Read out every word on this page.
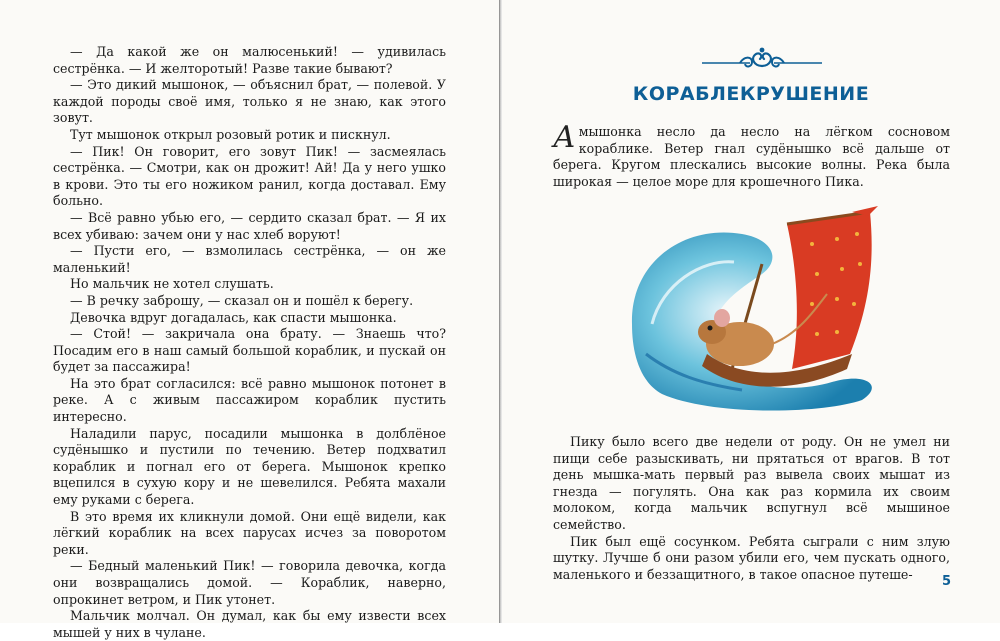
— Да какой же он малюсенький! — удивилась сестрёнка. — И желторотый! Разве такие бывают?

— Это дикий мышонок, — объяснил брат, — полевой. У каждой породы своё имя, только я не знаю, как этого зовут.

Тут мышонок открыл розовый ротик и пискнул.

— Пик! Он говорит, его зовут Пик! — засмеялась сестрёнка. — Смотри, как он дрожит! Ай! Да у него ушко в крови. Это ты его ножиком ранил, когда доставал. Ему больно.

— Всё равно убью его, — сердито сказал брат. — Я их всех убиваю: зачем они у нас хлеб воруют!

— Пусти его, — взмолилась сестрёнка, — он же маленький!

Но мальчик не хотел слушать.

— В речку заброшу, — сказал он и пошёл к берегу.

Девочка вдруг догадалась, как спасти мышонка.

— Стой! — закричала она брату. — Знаешь что? Посадим его в наш самый большой кораблик, и пускай он будет за пассажира!

На это брат согласился: всё равно мышонок потонет в реке. А с живым пассажиром кораблик пустить интересно.

Наладили парус, посадили мышонка в долблёное судёнышко и пустили по течению. Ветер подхватил кораблик и погнал его от берега. Мышонок крепко вцепился в сухую кору и не шевелился. Ребята махали ему руками с берега.

В это время их кликнули домой. Они ещё видели, как лёгкий кораблик на всех парусах исчез за поворотом реки.

— Бедный маленький Пик! — говорила девочка, когда они возвращались домой. — Кораблик, наверно, опрокинет ветром, и Пик утонет.

Мальчик молчал. Он думал, как бы ему извести всех мышей у них в чулане.

КОРАБЛЕКРУШЕНИЕ

А мышонка несло да несло на лёгком сосновом кораблике. Ветер гнал судёнышко всё дальше от берега. Кругом плескались высокие волны. Река была широкая — целое море для крошечного Пика.

Пику было всего две недели от роду. Он не умел ни пищи себе разыскивать, ни прятаться от врагов. В тот день мышка-мать первый раз вывела своих мышат из гнезда — погулять. Она как раз кормила их своим молоком, когда мальчик вспугнул всё мышиное семейство.

Пик был ещё сосунком. Ребята сыграли с ним злую шутку. Лучше б они разом убили его, чем пускать одного, маленького и беззащитного, в такое опасное путеше-	5
